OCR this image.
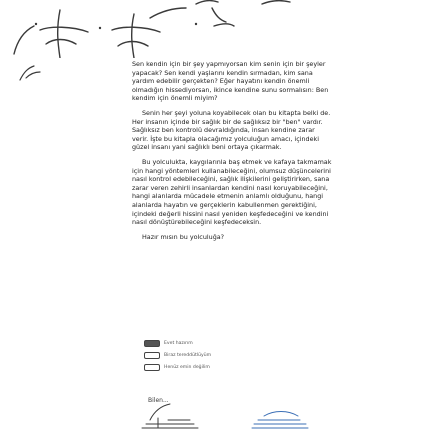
Sen kendin için bir şey yapmıyorsan kim senin için bir şeyler yapacak? Sen kendi yaşlarını kendin sırmadan, kim sana yardım edebilir gerçekten? Eğer hayatını kendin önemli olmadığın hissediyorsan, ikince kendine sunu sormalısın: Ben kendim için önemli miyim?

Senin her şeyi yoluna koyabilecek olan bu kitapta belki de. Her insanın içinde bir sağlık bir de sağlıksız bir "ben" vardır. Sağlıksız ben kontrolü devraldığında, insan kendine zarar verir. İşte bu kitapla olacağımız yolculuğun amacı, içindeki güzel insanı yani sağlıklı beni ortaya çıkarmak.

Bu yolculukta, kaygılarınla baş etmek ve kafaya takmamak için hangi yöntemleri kullanabileceğini, olumsuz düşüncelerini nasıl kontrol edebileceğini, sağlık ilişkilerini geliştirirken, sana zarar veren zehirli insanlardan kendini nasıl koruyabileceğini, hangi alanlarda mücadele etmenin anlamlı olduğunu, hangi alanlarda hayatın ve gerçeklerin kabullenmen gerektiğini, içindeki değerli hissini nasıl yeniden keşfedeceğini ve kendini nasıl dönüştürebileceğini keşfedeceksin.

Hazır mısın bu yolculuğa?

Evet hazırım
Biraz tereddütlüyüm
Henüz emin değilim
Bilen...
